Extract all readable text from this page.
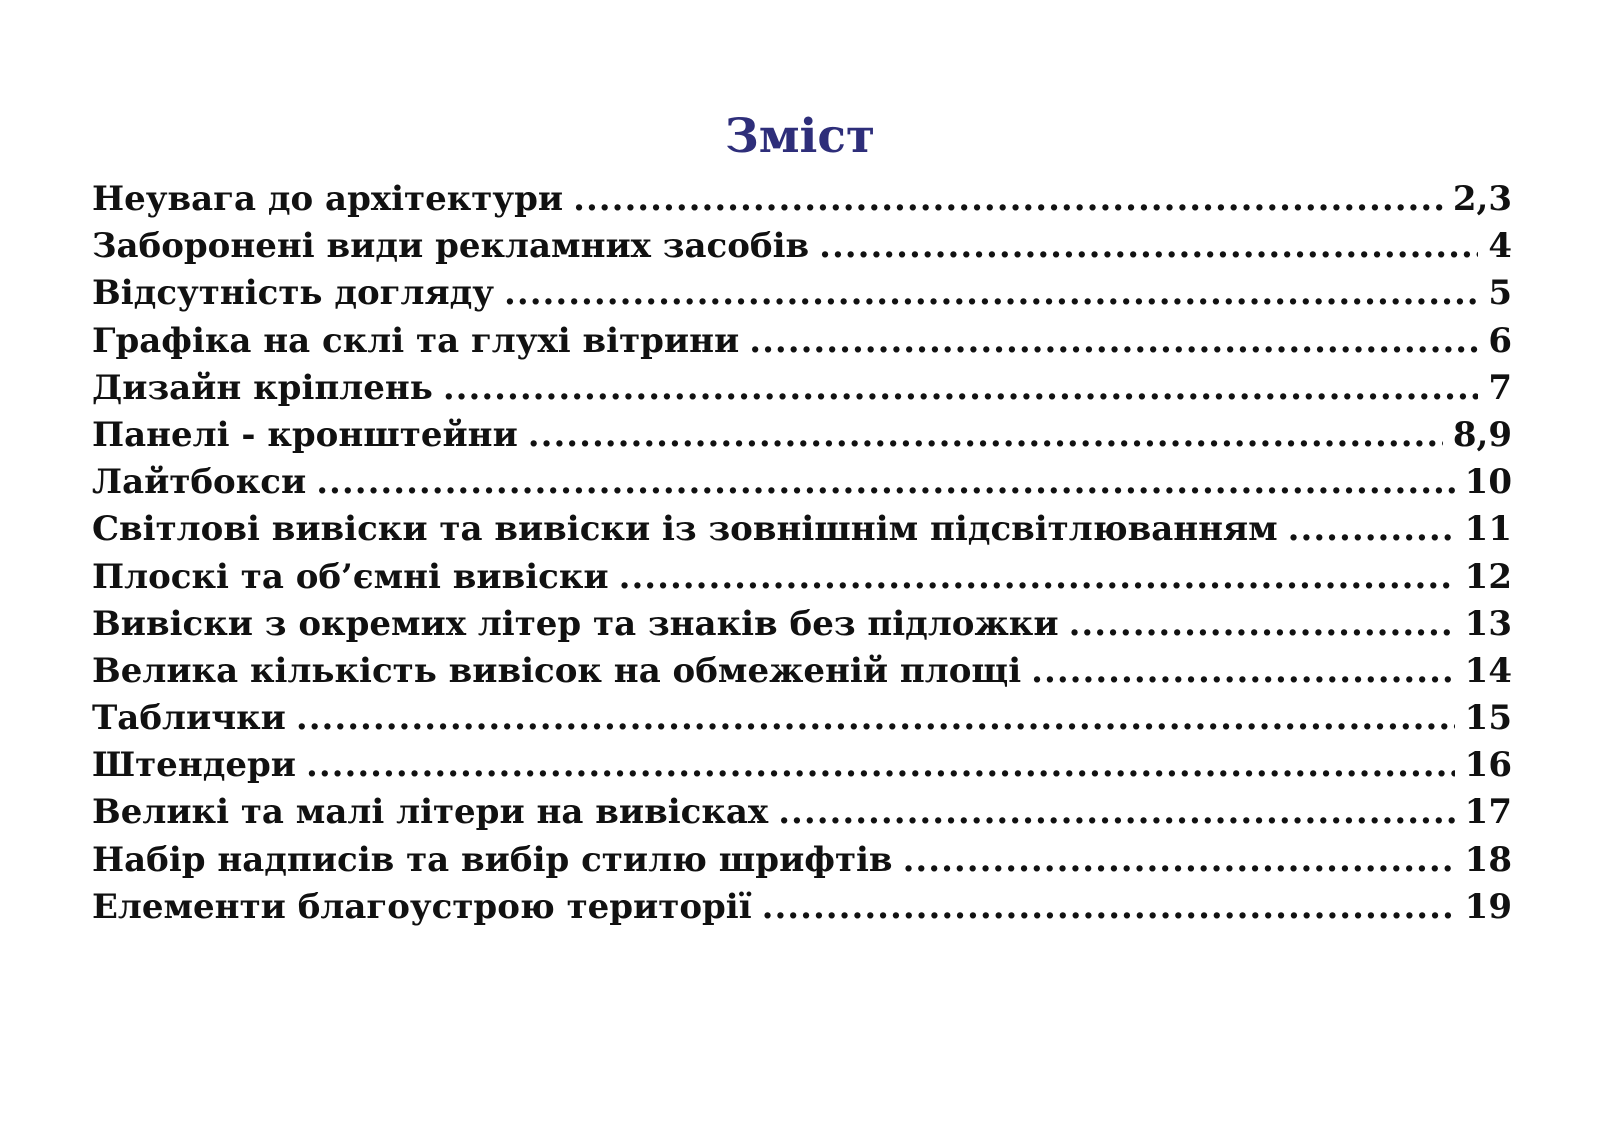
Зміст
Неувага до архітектури .....	2,3
Заборонені види рекламних засобів .....	4
Відсутність догляду .....	5
Графіка на склі та глухі вітрини .....	6
Дизайн кріплень .....	7
Панелі - кронштейни .....	8,9
Лайтбокси .....	10
Світлові вивіски та вивіски із зовнішнім підсвітлюванням .....	11
Плоскі та об’ємні вивіски .....	12
Вивіски з окремих літер та знаків без підложки .....	13
Велика кількість вивісок на обмеженій площі .....	14
Таблички .....	15
Штендери .....	16
Великі та малі літери на вивісках .....	17
Набір надписів та вибір стилю шрифтів .....	18
Елементи благоустрою території .....	19
